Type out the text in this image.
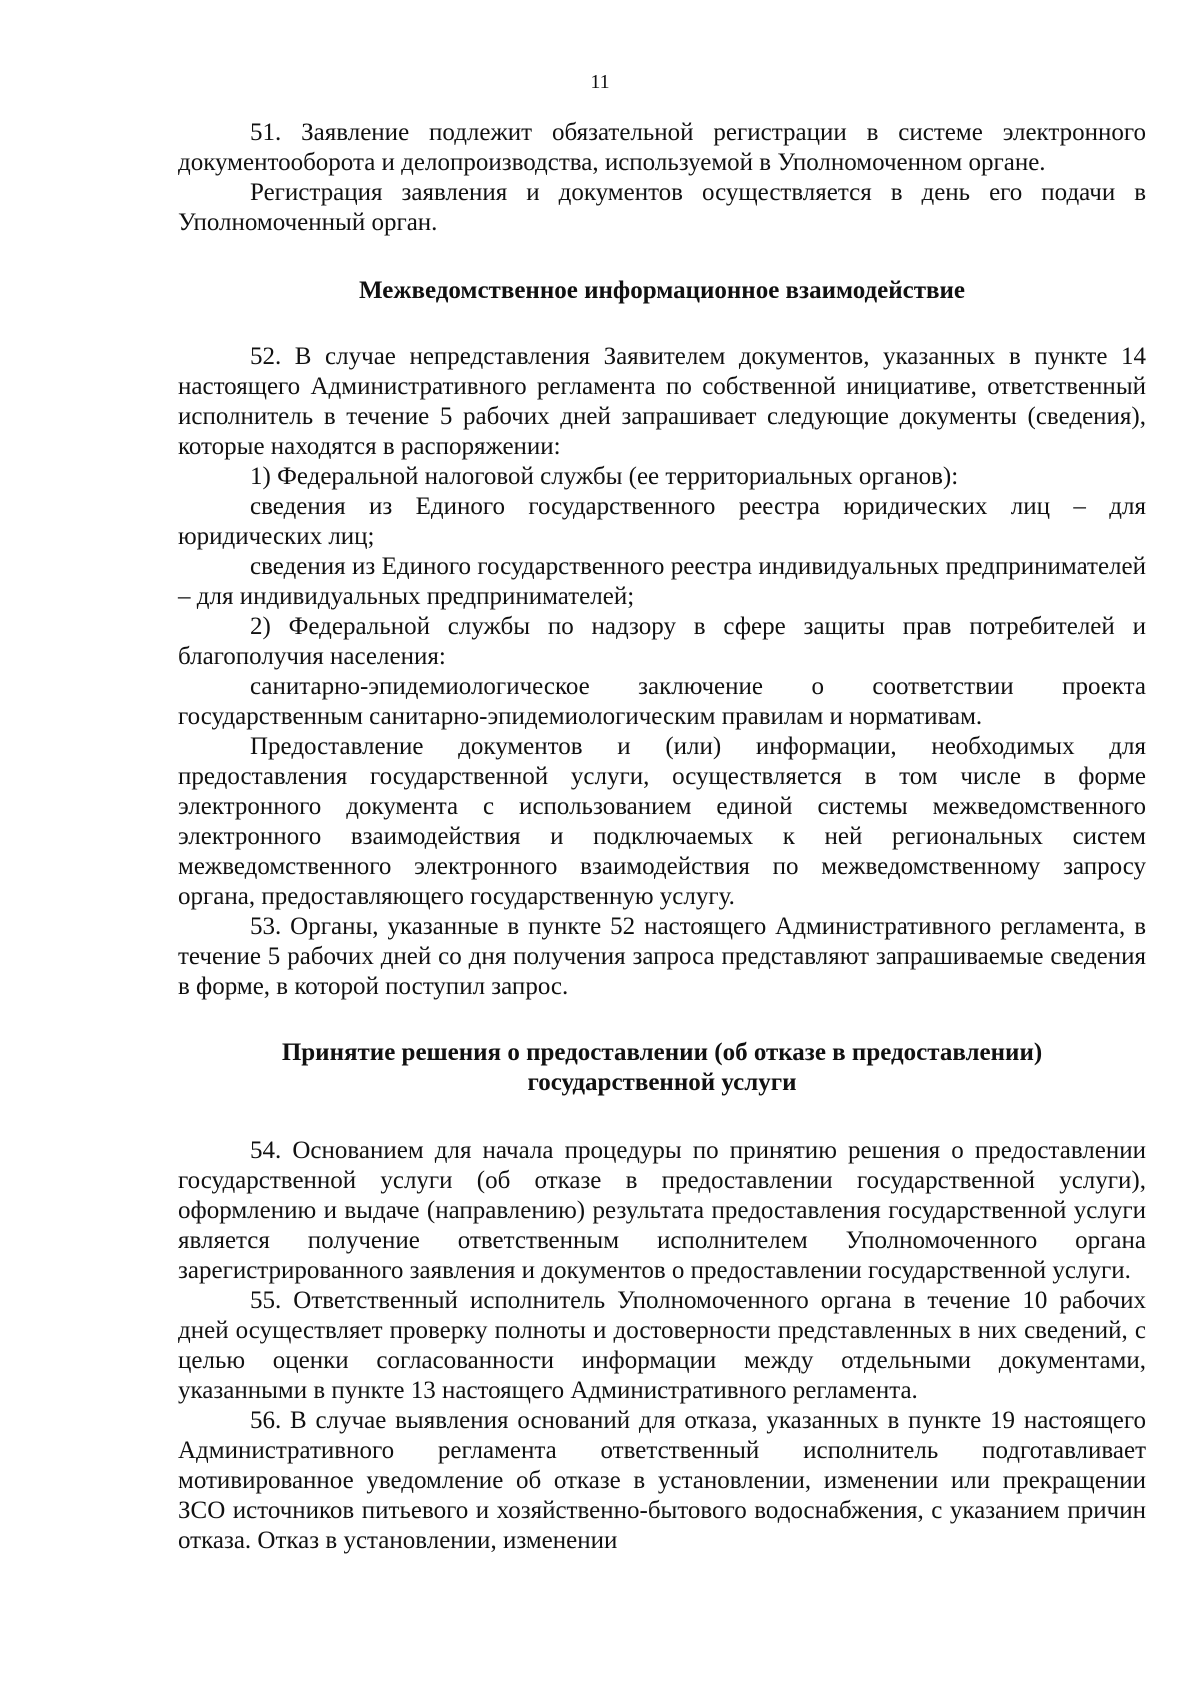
11

51. Заявление подлежит обязательной регистрации в системе электронного документооборота и делопроизводства, используемой в Уполномоченном органе.

Регистрация заявления и документов осуществляется в день его подачи в Уполномоченный орган.

Межведомственное информационное взаимодействие

52. В случае непредставления Заявителем документов, указанных в пункте 14 настоящего Административного регламента по собственной инициативе, ответственный исполнитель в течение 5 рабочих дней запрашивает следующие документы (сведения), которые находятся в распоряжении:

1) Федеральной налоговой службы (ее территориальных органов):

сведения из Единого государственного реестра юридических лиц – для юридических лиц;

сведения из Единого государственного реестра индивидуальных предпринимателей – для индивидуальных предпринимателей;

2) Федеральной службы по надзору в сфере защиты прав потребителей и благополучия населения:

санитарно-эпидемиологическое заключение о соответствии проекта государственным санитарно-эпидемиологическим правилам и нормативам.

Предоставление документов и (или) информации, необходимых для предоставления государственной услуги, осуществляется в том числе в форме электронного документа с использованием единой системы межведомственного электронного взаимодействия и подключаемых к ней региональных систем межведомственного электронного взаимодействия по межведомственному запросу органа, предоставляющего государственную услугу.

53. Органы, указанные в пункте 52 настоящего Административного регламента, в течение 5 рабочих дней со дня получения запроса представляют запрашиваемые сведения в форме, в которой поступил запрос.

Принятие решения о предоставлении (об отказе в предоставлении)
государственной услуги

54. Основанием для начала процедуры по принятию решения о предоставлении государственной услуги (об отказе в предоставлении государственной услуги), оформлению и выдаче (направлению) результата предоставления государственной услуги является получение ответственным исполнителем Уполномоченного органа зарегистрированного заявления и документов о предоставлении государственной услуги.

55. Ответственный исполнитель Уполномоченного органа в течение 10 рабочих дней осуществляет проверку полноты и достоверности представленных в них сведений, с целью оценки согласованности информации между отдельными документами, указанными в пункте 13 настоящего Административного регламента.

56. В случае выявления оснований для отказа, указанных в пункте 19 настоящего Административного регламента ответственный исполнитель подготавливает мотивированное уведомление об отказе в установлении, изменении или прекращении ЗСО источников питьевого и хозяйственно-бытового водоснабжения, с указанием причин отказа. Отказ в установлении, изменении
